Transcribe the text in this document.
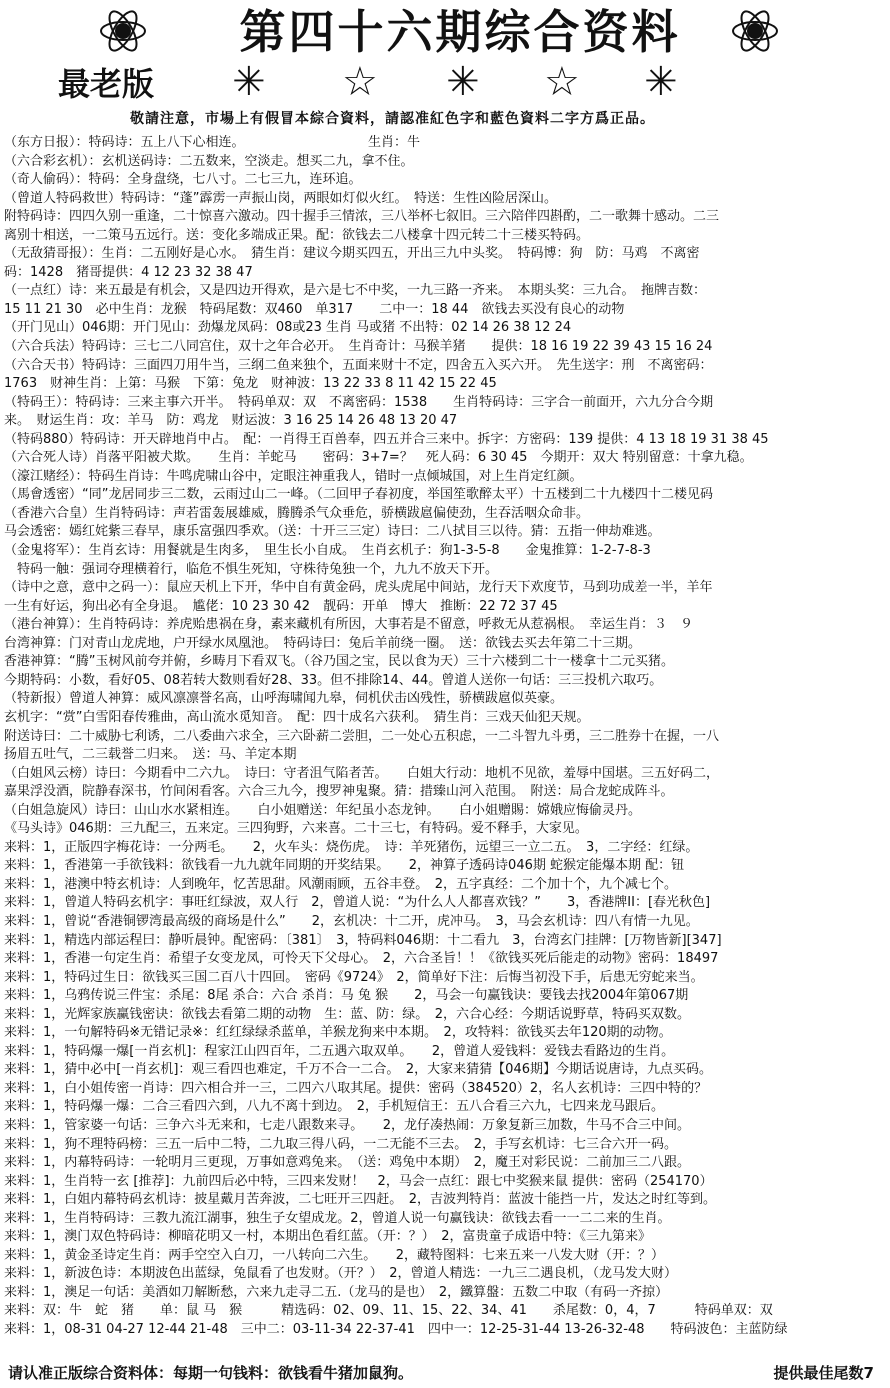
第四十六期综合资料
最老版 ✳ ☆ ✳ ☆ ✳
敬請注意，市場上有假冒本綜合資料，請認准紅色字和藍色資料二字方爲正品。
（东方日报）：特码诗：五上八下心相连。　　　　　　　　　　生肖：牛
（六合彩玄机）：玄机送码诗：二五数来，空淡走。想买二九，拿不住。
（奇人偷码）：特码：全身盘绕，七八寸。二七三九，连环追。
（曾道人特码救世）特码诗：“蓬”霹雳一声振山岗，两眼如灯似火红。　特送：生性凶险居深山。
附特码诗：四四久别一重逢，二十惊喜六激动。四十握手三情浓，三八举杯七叙旧。三六陪伴四斟酌，二一歌舞十感动。二三
离别十相送，一二策马五远行。送：变化多端成正果。配：欲钱去二八楼拿十四元转二十三楼买特码。
（无敌猜哥报）：生肖：二五刚好是心水。　猜生肖：建议今期买四五，开出三九中头奖。　特码博：狗　防：马鸡　不离密
码：1428　猪哥提供：4 12 23 32 38 47
（一点红）诗：来五最是有机会，又是四边开得欢，是六是七不中奖，一九三路一齐来。　本期头奖：三九合。　拖牌吉数：
15 11 21 30　必中生肖：龙猴　特码尾数：双460　单317　　二中一：18 44　欲钱去买没有良心的动物
（开门见山）046期：开门见山：劲爆龙凤码：08或23 生肖 马或猪 不出特：02 14 26 38 12 24
（六合兵法）特码诗：三七二八同宫住，双十之年合必开。　生肖奇计：马猴羊猪　　提供：18 16 19 22 39 43 15 16 24
（六合天书）特码诗：三面四刀用牛当，三纲二鱼来独个，五面来财十不定，四舍五入买六开。　先生送字：刑　不离密码：
1763　财神生肖：上第：马猴　下第：兔龙　财神波：13 22 33 8 11 42 15 22 45
（特码王）：特码诗：三来主事六开半。　特码单双：双　不离密码：1538　　生肖特码诗：三字合一前面开，六九分合今期
来。　财运生肖：攻：羊马　防：鸡龙　财运波：3 16 25 14 26 48 13 20 47
（特码880）特码诗：开天辟地肖中占。　配：一肖得王百兽奉，四五并合三来中。拆字：方密码：139 提供：4 13 18 19 31 38 45
（六合死人诗）肖落平阳被犬欺。　　生肖：羊蛇马　　密码：3+7=？　死人码：6 30 45　今期开：双大 特别留意：十拿九稳。
（濠江赌经）：特码生肖诗：牛鸣虎啸山谷中，定眼注神重我人，错时一点倾城国，对上生肖定红颜。
（馬會透密）“同”龙居同步三二数，云雨过山二一峰。（二回甲子春初度，举国笙歌醉太平）十五楼到二十九楼四十二楼见码
（香港六合皇）生肖特码诗：声若雷轰展雄威，腾腾杀气众垂危，骄横跋扈偏使劲，生吞活咽众命非。
马会透密：嫣红姹紫三春早，康乐富强四季欢。（送：十开三三定）诗曰：二八拭目三以待。猜：五指一伸劫难逃。
（金鬼将军）：生肖玄诗：用餐就是生肉多，　里生长小自成。　生肖玄机子：狗1-3-5-8　　金鬼推算：1-2-7-8-3
　特码一触：强词夺理横着行，临危不惧生死知，守株待兔独一个，九九不放天下开。
（诗中之意，意中之码一）：鼠应天机上下开，华中自有黄金码，虎头虎尾中间站，龙行天下欢度节，马到功成差一半，羊年
一生有好运，狗出必有全身退。　尴佬：10 23 30 42　靓码：开单　博大　推断：22 72 37 45
（港台神算）：生肖特码诗：养虎贻患祸在身，素来藏机有所因，大事若是不留意，呼救无从惹祸根。　幸运生肖：３　９
台湾神算：门对青山龙虎地，户开绿水凤凰池。　特码诗曰：兔后羊前绕一圈。　送：欲钱去买去年第二十三期。
香港神算：“腾”玉树风前夸并俯，乡畴月下看双飞。（谷乃国之宝，民以食为天）三十六楼到二十一楼拿十二元买猪。
今期特码：小数，看好05、08若转大数则看好28、33。但不排除14、44。曾道人送你一句话：三三投机六取巧。
（特新报）曾道人神算：威风凛凛誉名高，山呼海啸闻九皋，伺机伏击凶残性，骄横跋扈似英豪。
玄机字：“赏”白雪阳春传雅曲，高山流水觅知音。　配：四十成名六获利。　猜生肖：三戏天仙犯天规。
附送诗曰：二十威胁七利诱，二八委曲六求全，三六卧薪二尝胆，二一处心五积虑，一二斗智九斗勇，三二胜券十在握，一八
扬眉五吐气，二三载誉二归来。　送：马、羊定本期
（白姐风云榜）诗曰：今期看中二六九。　诗曰：守者沮气陷者苦。　　白姐大行动：地机不见欲，羞辱中国堪。三五好码二，
嘉果浮没酒，院静春深书，竹间闲看客。六合三九今，搜罗神鬼聚。猜：措臻山河入范围。　附送：局合龙蛇成阵斗。
（白姐急旋风）诗曰：山山水水紧相连。　　白小姐赠送：年纪虽小态龙钟。　　白小姐赠賜：嫦娥应悔偷灵丹。
《马头诗》046期：三九配三，五来定。三四狗野，六来喜。二十三七，有特码。爱不释手，大家见。
来料：1，正版四字梅花诗：一分两毛。　　2，火车头：烧伤虎。　诗：羊死猪伤，远望三一立二五。　3，二字经：红绿。
来料：1，香港第一手欲钱料：欲钱看一九九就年同期的开奖结果。　　2，神算子透码诗046期 蛇猴定能爆本期 配：钮
来料：1，港澳中特玄机诗：人到晚年，忆苦思甜。风潮雨顾，五谷丰登。　2，五字真经：二个加十个，九个减七个。
来料：1，曾道人特码玄机字：事旺红绿波，双人行　2，曾道人说：“为什么人人都喜欢钱？”　　3，香港牌II：[春光秋色]
来料：1，曾说“香港铜锣湾最高级的商场是什么”　　2，玄机决：十二开，虎冲马。　3，马会玄机诗：四八有情一九见。
来料：1，精选内部运程曰：静听晨钟。配密码：〔381〕　3，特码料046期：十二看九　3，台湾玄门挂牌：[万物皆新][347]
来料：1，香港一句定生肖：希望子女变龙凤，可怜天下父母心。　2，六合圣旨！！《欲钱买死后能走的动物》密码：18497
来料：1，特码过生日：欲钱买三国二百八十四回。　密码《9724》　2，简单好下注：后悔当初没下手，后患无穷蛇来当。
来料：1，乌鸦传说三件宝：杀尾：8尾 杀合：六合 杀肖：马 兔 猴　　2，马会一句赢钱诀：要钱去找2004年第067期
来料：1，光辉家族赢钱密诀：欲钱去看第二期的动物　生：蓝、防：绿。　2，六合心经：今期话说野草，特码买双数。
来料：1，一句解特码※无错记录※：红红绿绿杀蓝单，羊猴龙狗来中本期。　2，攻特料：欲钱买去年120期的动物。
来料：1，特码爆一爆[一肖玄机]：程家江山四百年，二五遇六取双单。　　2，曾道人爱钱料：爱钱去看路边的生肖。
来料：1，猜中必中[一肖玄机]：观三看四也难定，千万不合一二合。　2，大家来猜猜【046期】今期话说唐诗，九点买码。
来料：1，白小姐传密一肖诗：四六相合并一三，二四六八取其尾。提供：密码（384520）2，名人玄机诗：三四中特的？
来料：1，特码爆一爆：二合三看四六到，八九不离十到边。　2，手机短信王：五八合看三六九，七四来龙马跟后。
来料：1，管家婆一句话：三争六斗无来和，七走八跟数来寻。　　2，龙仔凑热闹：万象复新三加数，牛马不合三中间。
来料：1，狗不理特码榜：三五一后中二特，二九取三得八码，一二无能不三去。　2，手写玄机诗：七三合六开一码。
来料：1，内幕特码诗：一轮明月三更现，万事如意鸡兔来。　（送：鸡兔中本期）　2，魔王对彩民说：二前加三二八跟。
来料：1，生肖特一玄 [推荐]：九前四后必中特，三四来发财！　2，马会一点红：跟七中奖猴来鼠 提供：密码（254170）
来料：1，白姐内幕特码玄机诗：披星戴月苦奔波，二七旺开三四赶。　2，吉波判特肖：蓝波十能挡一片，发达之时红等到。
来料：1，生肖特码诗：三教九流江湖事，独生子女望成龙。2，曾道人说一句赢钱诀：欲钱去看一一二二来的生肖。
来料：1，澳门双色特码诗：柳暗花明又一村，本期出色看红蓝。（开：？）　2，富贵童子成语中特：《三九第来》
来料：1，黄金圣诗定生肖：两手空空入白刀，一八转向二六生。　　2，藏特图料：七来五来一八发大财（开：？）
来料：1，新波色诗：本期波色出蓝绿，兔鼠看了也发财。（开？）　2，曾道人精选：一九三二遇良机，（龙马发大财）
来料：1，澳足一句话：美酒如刀解断愁，六来九走寻二五.（龙马的是也）　2，鐵算盤：五数二中取（有码一齐掠）
来料：双：牛　蛇　猪　　单：鼠 马　猴　　　精选码：02、09、11、15、22、34、41　　杀尾数：0，4，7　　　特码单双：双
来料：1，08-31 04-27 12-44 21-48　三中二：03-11-34 22-37-41　四中一：12-25-31-44 13-26-32-48　　特码波色：主蓝防绿
请认准正版综合资料体：每期一句钱料：欲钱看牛猪加鼠狗。	提供最佳尾数7
